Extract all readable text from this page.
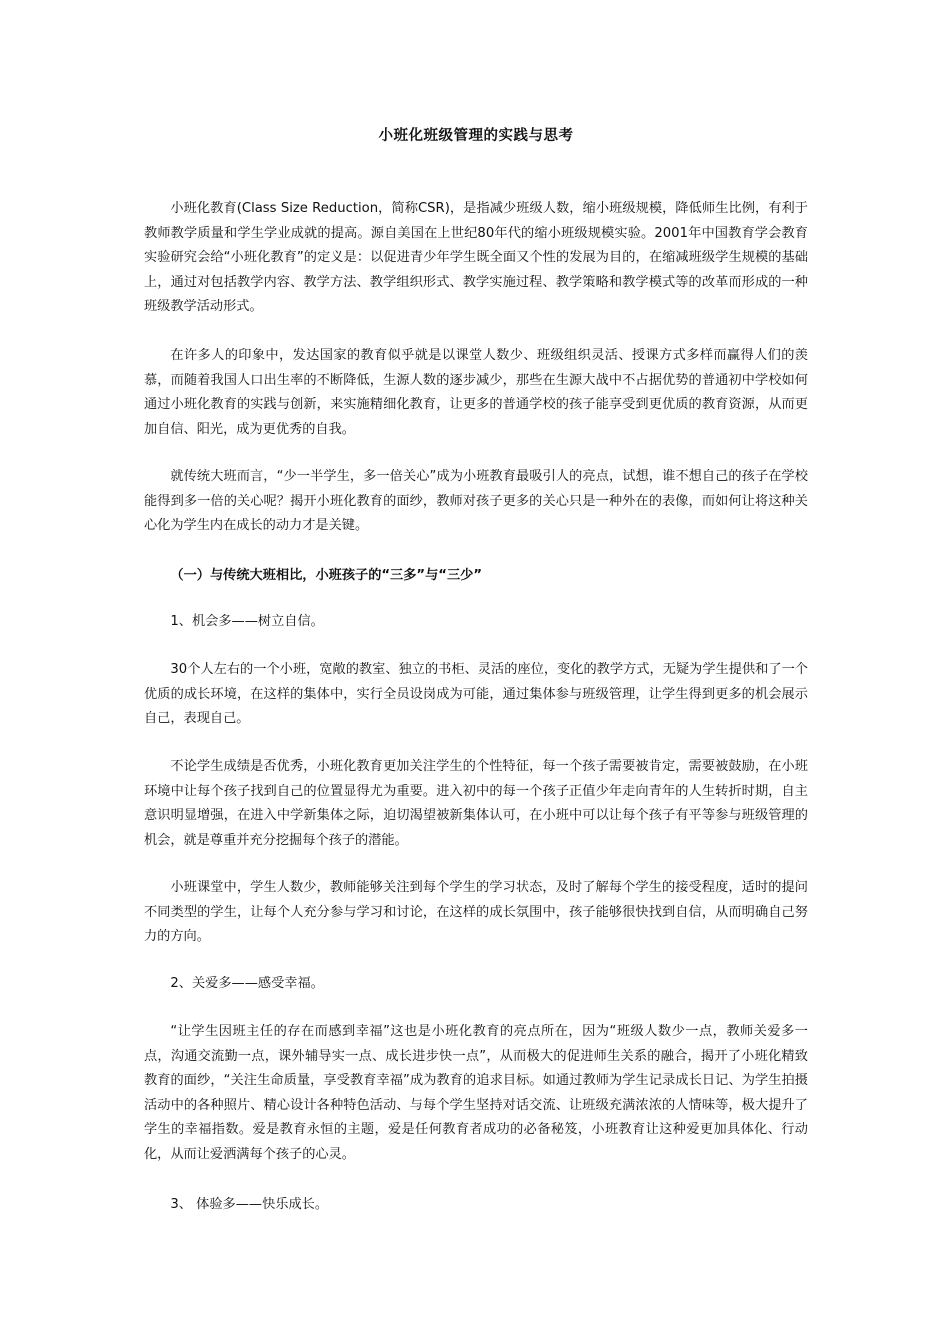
小班化班级管理的实践与思考

小班化教育(Class Size Reduction，简称CSR)，是指减少班级人数，缩小班级规模，降低师生比例，有利于教师教学质量和学生学业成就的提高。源自美国在上世纪80年代的缩小班级规模实验。2001年中国教育学会教育实验研究会给“小班化教育”的定义是：以促进青少年学生既全面又个性的发展为目的，在缩减班级学生规模的基础上，通过对包括教学内容、教学方法、教学组织形式、教学实施过程、教学策略和教学模式等的改革而形成的一种班级教学活动形式。

在许多人的印象中，发达国家的教育似乎就是以课堂人数少、班级组织灵活、授课方式多样而赢得人们的羡慕，而随着我国人口出生率的不断降低，生源人数的逐步减少，那些在生源大战中不占据优势的普通初中学校如何通过小班化教育的实践与创新，来实施精细化教育，让更多的普通学校的孩子能享受到更优质的教育资源，从而更加自信、阳光，成为更优秀的自我。

就传统大班而言，“少一半学生，多一倍关心”成为小班教育最吸引人的亮点，试想，谁不想自己的孩子在学校能得到多一倍的关心呢？揭开小班化教育的面纱，教师对孩子更多的关心只是一种外在的表像，而如何让将这种关心化为学生内在成长的动力才是关键。

（一）与传统大班相比，小班孩子的“三多”与“三少”

1、机会多——树立自信。

30个人左右的一个小班，宽敞的教室、独立的书柜、灵活的座位，变化的教学方式，无疑为学生提供和了一个优质的成长环境，在这样的集体中，实行全员设岗成为可能，通过集体参与班级管理，让学生得到更多的机会展示自己，表现自己。

不论学生成绩是否优秀，小班化教育更加关注学生的个性特征，每一个孩子需要被肯定，需要被鼓励，在小班环境中让每个孩子找到自己的位置显得尤为重要。进入初中的每一个孩子正值少年走向青年的人生转折时期，自主意识明显增强，在进入中学新集体之际，迫切渴望被新集体认可，在小班中可以让每个孩子有平等参与班级管理的机会，就是尊重并充分挖掘每个孩子的潜能。

小班课堂中，学生人数少，教师能够关注到每个学生的学习状态，及时了解每个学生的接受程度，适时的提问不同类型的学生，让每个人充分参与学习和讨论，在这样的成长氛围中，孩子能够很快找到自信，从而明确自己努力的方向。

2、关爱多——感受幸福。

“让学生因班主任的存在而感到幸福”这也是小班化教育的亮点所在，因为“班级人数少一点，教师关爱多一点，沟通交流勤一点，课外辅导实一点、成长进步快一点”，从而极大的促进师生关系的融合，揭开了小班化精致教育的面纱，“关注生命质量，享受教育幸福”成为教育的追求目标。如通过教师为学生记录成长日记、为学生拍摄活动中的各种照片、精心设计各种特色活动、与每个学生坚持对话交流、让班级充满浓浓的人情味等，极大提升了学生的幸福指数。爱是教育永恒的主题，爱是任何教育者成功的必备秘笈，小班教育让这种爱更加具体化、行动化，从而让爱洒满每个孩子的心灵。

3、 体验多——快乐成长。
